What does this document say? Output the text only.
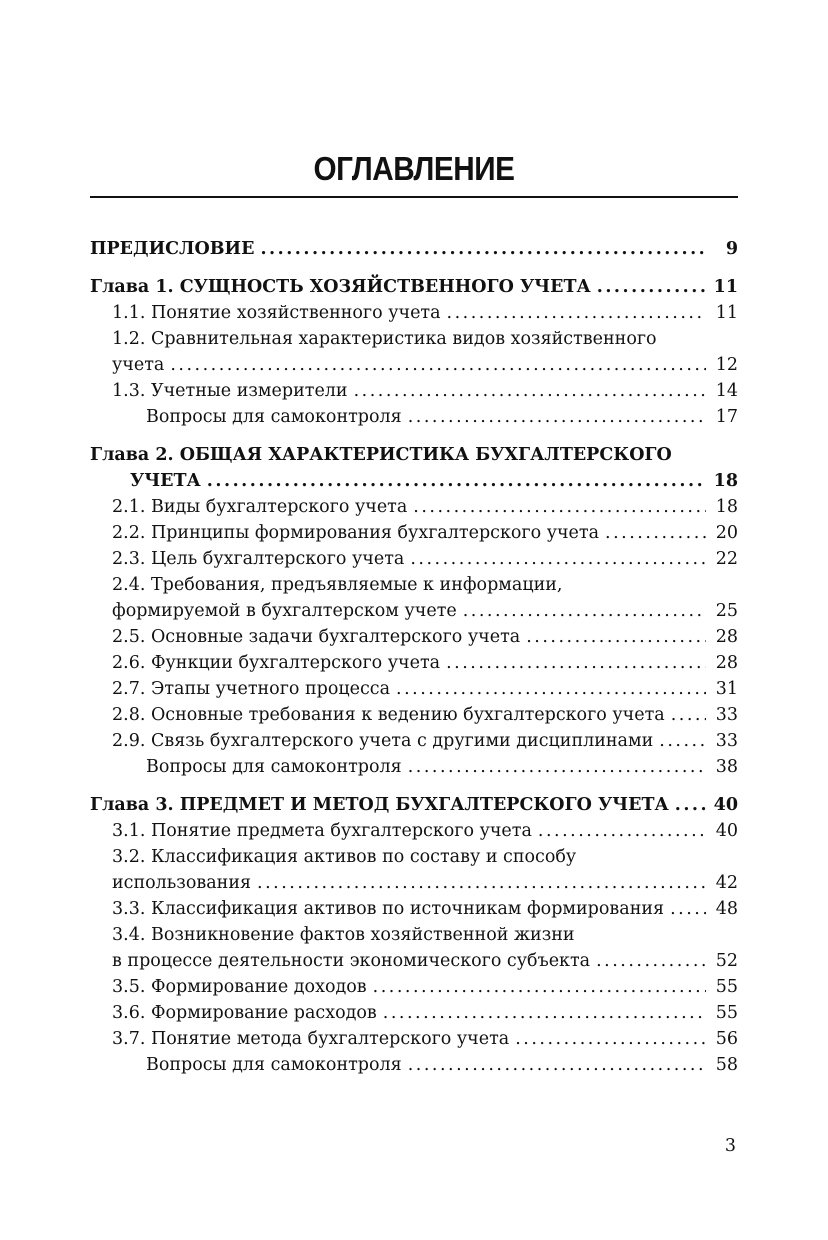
ОГЛАВЛЕНИЕ
ПРЕДИСЛОВИЕ .....	9
Глава 1. СУЩНОСТЬ ХОЗЯЙСТВЕННОГО УЧЕТА .....	11
1.1. Понятие хозяйственного учета .....	11
1.2. Сравнительная характеристика видов хозяйственного
учета .....	12
1.3. Учетные измерители .....	14
Вопросы для самоконтроля .....	17
Глава 2. ОБЩАЯ ХАРАКТЕРИСТИКА БУХГАЛТЕРСКОГО
УЧЕТА .....	18
2.1. Виды бухгалтерского учета .....	18
2.2. Принципы формирования бухгалтерского учета .....	20
2.3. Цель бухгалтерского учета .....	22
2.4. Требования, предъявляемые к информации,
формируемой в бухгалтерском учете .....	25
2.5. Основные задачи бухгалтерского учета .....	28
2.6. Функции бухгалтерского учета .....	28
2.7. Этапы учетного процесса .....	31
2.8. Основные требования к ведению бухгалтерского учета .....	33
2.9. Связь бухгалтерского учета с другими дисциплинами .....	33
Вопросы для самоконтроля .....	38
Глава 3. ПРЕДМЕТ И МЕТОД БУХГАЛТЕРСКОГО УЧЕТА .....	40
3.1. Понятие предмета бухгалтерского учета .....	40
3.2. Классификация активов по составу и способу
использования .....	42
3.3. Классификация активов по источникам формирования .....	48
3.4. Возникновение фактов хозяйственной жизни
в процессе деятельности экономического субъекта .....	52
3.5. Формирование доходов .....	55
3.6. Формирование расходов .....	55
3.7. Понятие метода бухгалтерского учета .....	56
Вопросы для самоконтроля .....	58
3
